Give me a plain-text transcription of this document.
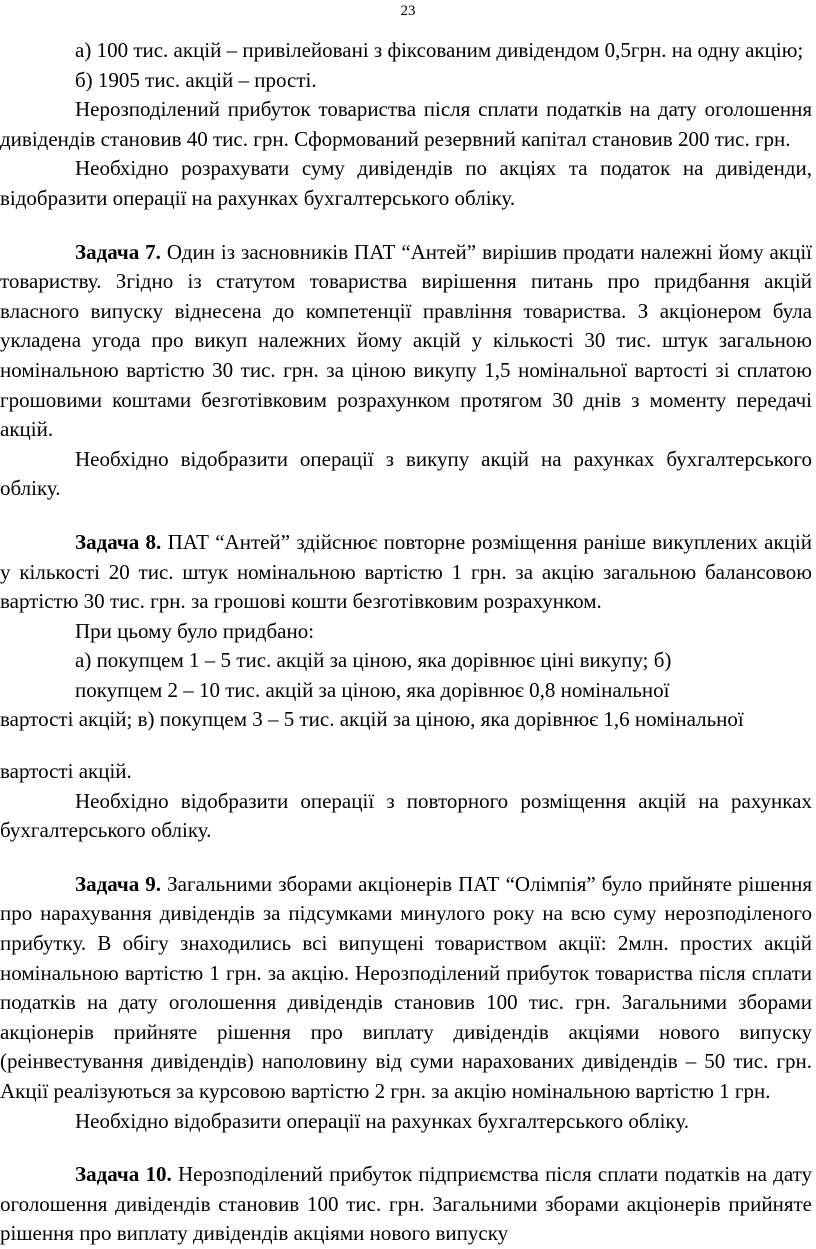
23

а) 100 тис. акцій – привілейовані з фіксованим дивідендом 0,5грн. на одну акцію;

б) 1905 тис. акцій – прості.

Нерозподілений прибуток товариства після сплати податків на дату оголошення дивідендів становив 40 тис. грн. Сформований резервний капітал становив 200 тис. грн.

Необхідно розрахувати суму дивідендів по акціях та податок на дивіденди, відобразити операції на рахунках бухгалтерського обліку.

Задача 7. Один із засновників ПАТ “Антей” вирішив продати належні йому акції товариству. Згідно із статутом товариства вирішення питань про придбання акцій власного випуску віднесена до компетенції правління товариства. З акціонером була укладена угода про викуп належних йому акцій у кількості 30 тис. штук загальною номінальною вартістю 30 тис. грн. за ціною викупу 1,5 номінальної вартості зі сплатою грошовими коштами безготівковим розрахунком протягом 30 днів з моменту передачі акцій.

Необхідно відобразити операції з викупу акцій на рахунках бухгалтерського обліку.

Задача 8. ПАТ “Антей” здійснює повторне розміщення раніше викуплених акцій у кількості 20 тис. штук номінальною вартістю 1 грн. за акцію загальною балансовою вартістю 30 тис. грн. за грошові кошти безготівковим розрахунком.

При цьому було придбано:

а) покупцем 1 – 5 тис. акцій за ціною, яка дорівнює ціні викупу; б)

покупцем 2 – 10 тис. акцій за ціною, яка дорівнює 0,8 номінальної

вартості акцій; в) покупцем 3 – 5 тис. акцій за ціною, яка дорівнює 1,6 номінальної

вартості акцій.

Необхідно відобразити операції з повторного розміщення акцій на рахунках бухгалтерського обліку.

Задача 9. Загальними зборами акціонерів ПАТ “Олімпія” було прийняте рішення про нарахування дивідендів за підсумками минулого року на всю суму нерозподіленого прибутку. В обігу знаходились всі випущені товариством акції: 2млн. простих акцій номінальною вартістю 1 грн. за акцію. Нерозподілений прибуток товариства після сплати податків на дату оголошення дивідендів становив 100 тис. грн. Загальними зборами акціонерів прийняте рішення про виплату дивідендів акціями нового випуску (реінвестування дивідендів) наполовину від суми нарахованих дивідендів – 50 тис. грн. Акції реалізуються за курсовою вартістю 2 грн. за акцію номінальною вартістю 1 грн.

Необхідно відобразити операції на рахунках бухгалтерського обліку.

Задача 10. Нерозподілений прибуток підприємства після сплати податків на дату оголошення дивідендів становив 100 тис. грн. Загальними зборами акціонерів прийняте рішення про виплату дивідендів акціями нового випуску
